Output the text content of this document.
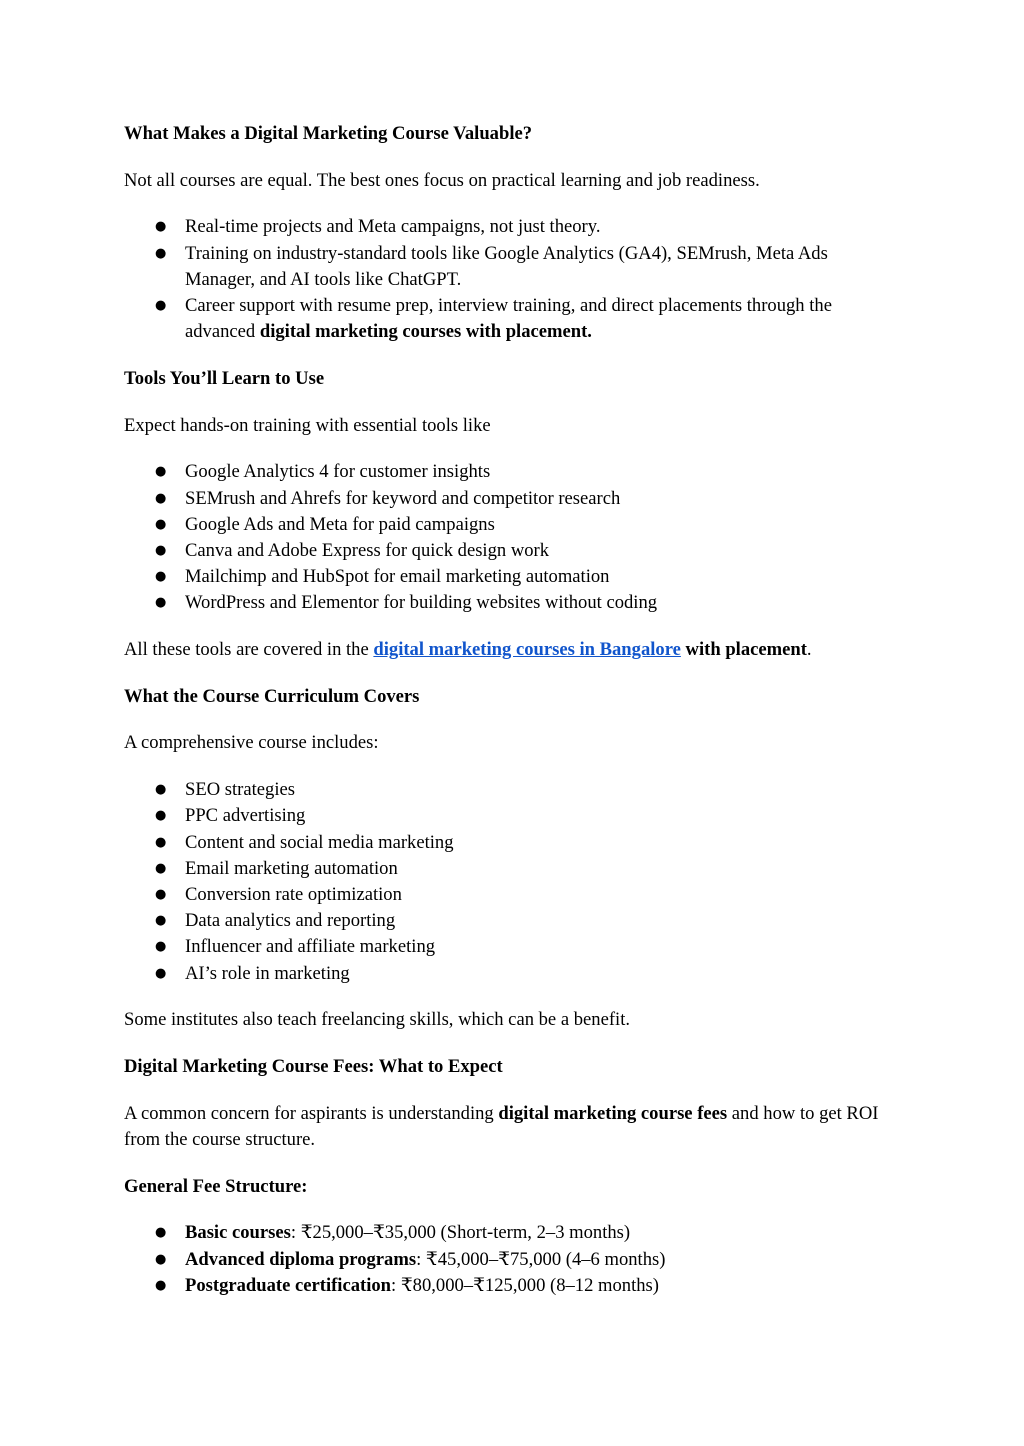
What Makes a Digital Marketing Course Valuable?

Not all courses are equal. The best ones focus on practical learning and job readiness.

● Real-time projects and Meta campaigns, not just theory.
● Training on industry-standard tools like Google Analytics (GA4), SEMrush, Meta Ads Manager, and AI tools like ChatGPT.
● Career support with resume prep, interview training, and direct placements through the advanced digital marketing courses with placement.

Tools You’ll Learn to Use

Expect hands-on training with essential tools like

● Google Analytics 4 for customer insights
● SEMrush and Ahrefs for keyword and competitor research
● Google Ads and Meta for paid campaigns
● Canva and Adobe Express for quick design work
● Mailchimp and HubSpot for email marketing automation
● WordPress and Elementor for building websites without coding

All these tools are covered in the digital marketing courses in Bangalore with placement.

What the Course Curriculum Covers

A comprehensive course includes:

● SEO strategies
● PPC advertising
● Content and social media marketing
● Email marketing automation
● Conversion rate optimization
● Data analytics and reporting
● Influencer and affiliate marketing
● AI’s role in marketing

Some institutes also teach freelancing skills, which can be a benefit.

Digital Marketing Course Fees: What to Expect

A common concern for aspirants is understanding digital marketing course fees and how to get ROI from the course structure.

General Fee Structure:

● Basic courses: ₹25,000–₹35,000 (Short-term, 2–3 months)
● Advanced diploma programs: ₹45,000–₹75,000 (4–6 months)
● Postgraduate certification: ₹80,000–₹125,000 (8–12 months)
